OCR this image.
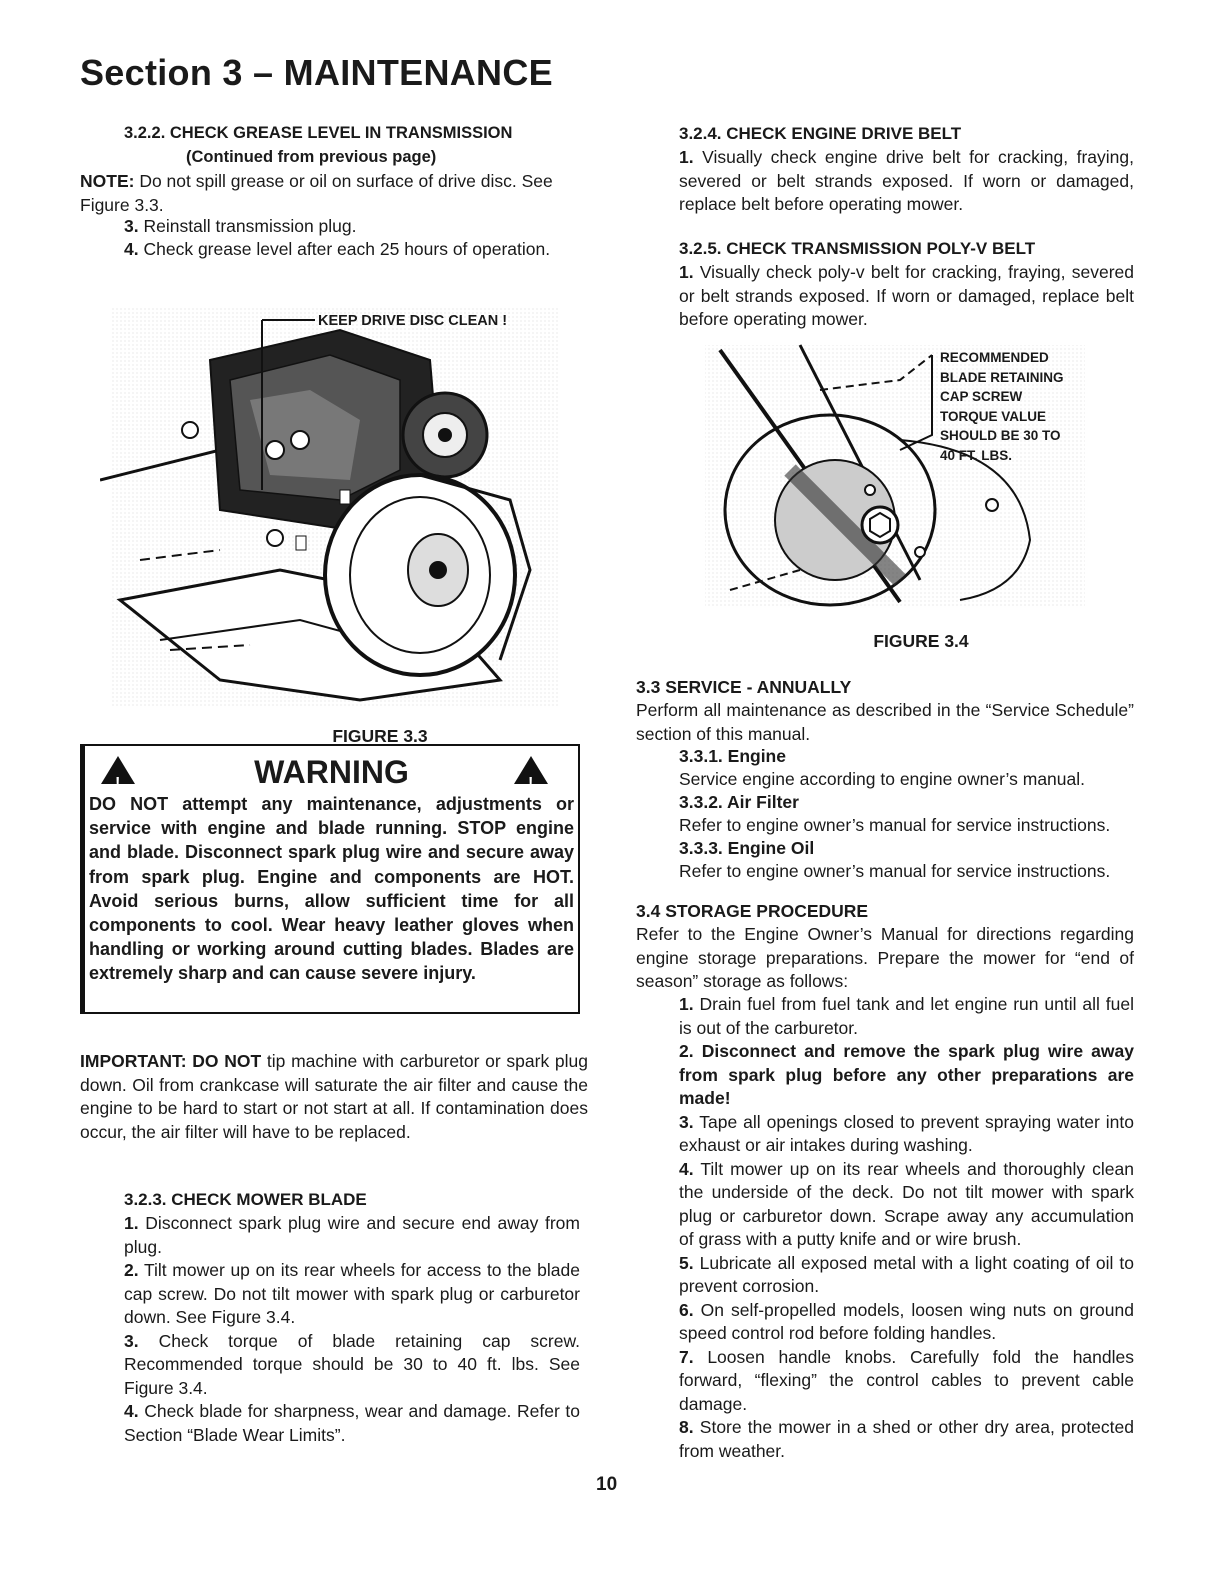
Section 3 – MAINTENANCE

3.2.2. CHECK GREASE LEVEL IN TRANSMISSION

(Continued from previous page)

NOTE: Do not spill grease or oil on surface of drive disc. See Figure 3.3.

3. Reinstall transmission plug.

4. Check grease level after each 25 hours of operation.

KEEP DRIVE DISC CLEAN !
FIGURE 3.3
!
WARNING
!
DO NOT attempt any maintenance, adjustments or service with engine and blade running. STOP engine and blade. Disconnect spark plug wire and secure away from spark plug. Engine and components are HOT. Avoid serious burns, allow sufficient time for all components to cool. Wear heavy leather gloves when handling or working around cutting blades. Blades are extremely sharp and can cause severe injury.

IMPORTANT: DO NOT tip machine with carburetor or spark plug down. Oil from crankcase will saturate the air filter and cause the engine to be hard to start or not start at all. If contamination does occur, the air filter will have to be replaced.

3.2.3. CHECK MOWER BLADE

1. Disconnect spark plug wire and secure end away from plug.

2. Tilt mower up on its rear wheels for access to the blade cap screw. Do not tilt mower with spark plug or carburetor down. See Figure 3.4.

3. Check torque of blade retaining cap screw. Recommended torque should be 30 to 40 ft. lbs. See Figure 3.4.

4. Check blade for sharpness, wear and damage. Refer to Section “Blade Wear Limits”.

3.2.4. CHECK ENGINE DRIVE BELT

1. Visually check engine drive belt for cracking, fraying, severed or belt strands exposed. If worn or damaged, replace belt before operating mower.

3.2.5. CHECK TRANSMISSION POLY-V BELT

1. Visually check poly-v belt for cracking, fraying, severed or belt strands exposed. If worn or damaged, replace belt before operating mower.

RECOMMENDED
BLADE RETAINING
CAP SCREW
TORQUE VALUE
SHOULD BE 30 TO
40 FT. LBS.
FIGURE 3.4

3.3 SERVICE - ANNUALLY

Perform all maintenance as described in the “Service Schedule” section of this manual.

3.3.1. Engine

Service engine according to engine owner’s manual.

3.3.2. Air Filter

Refer to engine owner’s manual for service instructions.

3.3.3. Engine Oil

Refer to engine owner’s manual for service instructions.

3.4 STORAGE PROCEDURE

Refer to the Engine Owner’s Manual for directions regarding engine storage preparations. Prepare the mower for “end of season” storage as follows:

1. Drain fuel from fuel tank and let engine run until all fuel is out of the carburetor.

2. Disconnect and remove the spark plug wire away from spark plug before any other preparations are made!

3. Tape all openings closed to prevent spraying water into exhaust or air intakes during washing.

4. Tilt mower up on its rear wheels and thoroughly clean the underside of the deck. Do not tilt mower with spark plug or carburetor down. Scrape away any accumulation of grass with a putty knife and or wire brush.

5. Lubricate all exposed metal with a light coating of oil to prevent corrosion.

6. On self-propelled models, loosen wing nuts on ground speed control rod before folding handles.

7. Loosen handle knobs. Carefully fold the handles forward, “flexing” the control cables to prevent cable damage.

8. Store the mower in a shed or other dry area, protected from weather.

10
